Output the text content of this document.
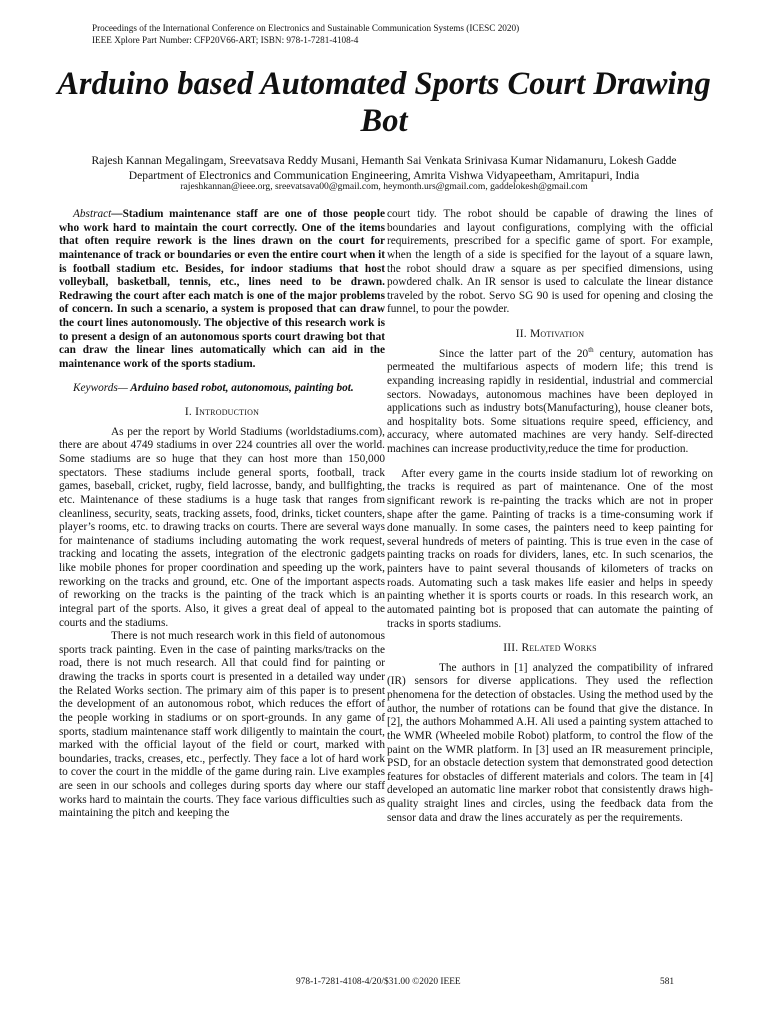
Proceedings of the International Conference on Electronics and Sustainable Communication Systems (ICESC 2020)
IEEE Xplore Part Number: CFP20V66-ART; ISBN: 978-1-7281-4108-4
Arduino based Automated Sports Court Drawing Bot
Rajesh Kannan Megalingam, Sreevatsava Reddy Musani, Hemanth Sai Venkata Srinivasa Kumar Nidamanuru, Lokesh Gadde
Department of Electronics and Communication Engineering, Amrita Vishwa Vidyapeetham, Amritapuri, India
rajeshkannan@ieee.org, sreevatsava00@gmail.com, heymonth.urs@gmail.com, gaddelokesh@gmail.com

Abstract—Stadium maintenance staff are one of those people who work hard to maintain the court correctly. One of the items that often require rework is the lines drawn on the court for maintenance of track or boundaries or even the entire court when it is football stadium etc. Besides, for indoor stadiums that host volleyball, basketball, tennis, etc., lines need to be drawn. Redrawing the court after each match is one of the major problems of concern. In such a scenario, a system is proposed that can draw the court lines autonomously. The objective of this research work is to present a design of an autonomous sports court drawing bot that can draw the linear lines automatically which can aid in the maintenance work of the sports stadium.

Keywords— Arduino based robot, autonomous, painting bot.

I. Introduction

As per the report by World Stadiums (worldstadiums.com), there are about 4749 stadiums in over 224 countries all over the world. Some stadiums are so huge that they can host more than 150,000 spectators. These stadiums include general sports, football, track games, baseball, cricket, rugby, field lacrosse, bandy, and bullfighting, etc. Maintenance of these stadiums is a huge task that ranges from cleanliness, security, seats, tracking assets, food, drinks, ticket counters, player’s rooms, etc. to drawing tracks on courts. There are several ways for maintenance of stadiums including automating the work request, tracking and locating the assets, integration of the electronic gadgets like mobile phones for proper coordination and speeding up the work, reworking on the tracks and ground, etc. One of the important aspects of reworking on the tracks is the painting of the track which is an integral part of the sports. Also, it gives a great deal of appeal to the courts and the stadiums.

There is not much research work in this field of autonomous sports track painting. Even in the case of painting marks/tracks on the road, there is not much research. All that could find for painting or drawing the tracks in sports court is presented in a detailed way under the Related Works section. The primary aim of this paper is to present the development of an autonomous robot, which reduces the effort of the people working in stadiums or on sport-grounds. In any game of sports, stadium maintenance staff work diligently to maintain the court, marked with the official layout of the field or court, marked with boundaries, tracks, creases, etc., perfectly. They face a lot of hard work to cover the court in the middle of the game during rain. Live examples are seen in our schools and colleges during sports day where our staff works hard to maintain the courts. They face various difficulties such as maintaining the pitch and keeping the

court tidy. The robot should be capable of drawing the lines of boundaries and layout configurations, complying with the official requirements, prescribed for a specific game of sport. For example, when the length of a side is specified for the layout of a square lawn, the robot should draw a square as per specified dimensions, using powdered chalk. An IR sensor is used to calculate the linear distance traveled by the robot. Servo SG 90 is used for opening and closing the funnel, to pour the powder.

II. Motivation

Since the latter part of the 20th century, automation has permeated the multifarious aspects of modern life; this trend is expanding increasing rapidly in residential, industrial and commercial sectors. Nowadays, autonomous machines have been deployed in applications such as industry bots(Manufacturing), house cleaner bots, and hospitality bots. Some situations require speed, efficiency, and accuracy, where automated machines are very handy. Self-directed machines can increase productivity,reduce the time for production.

After every game in the courts inside stadium lot of reworking on the tracks is required as part of maintenance. One of the most significant rework is re-painting the tracks which are not in proper shape after the game. Painting of tracks is a time-consuming work if done manually. In some cases, the painters need to keep painting for several hundreds of meters of painting. This is true even in the case of painting tracks on roads for dividers, lanes, etc. In such scenarios, the painters have to paint several thousands of kilometers of tracks on roads. Automating such a task makes life easier and helps in speedy painting whether it is sports courts or roads. In this research work, an automated painting bot is proposed that can automate the painting of tracks in sports stadiums.

III. Related Works

The authors in [1] analyzed the compatibility of infrared (IR) sensors for diverse applications. They used the reflection phenomena for the detection of obstacles. Using the method used by the author, the number of rotations can be found that give the distance. In [2], the authors Mohammed A.H. Ali used a painting system attached to the WMR (Wheeled mobile Robot) platform, to control the flow of the paint on the WMR platform. In [3] used an IR measurement principle, PSD, for an obstacle detection system that demonstrated good detection features for obstacles of different materials and colors. The team in [4] developed an automatic line marker robot that consistently draws high-quality straight lines and circles, using the feedback data from the sensor data and draw the lines accurately as per the requirements.

978-1-7281-4108-4/20/$31.00 ©2020 IEEE	581
